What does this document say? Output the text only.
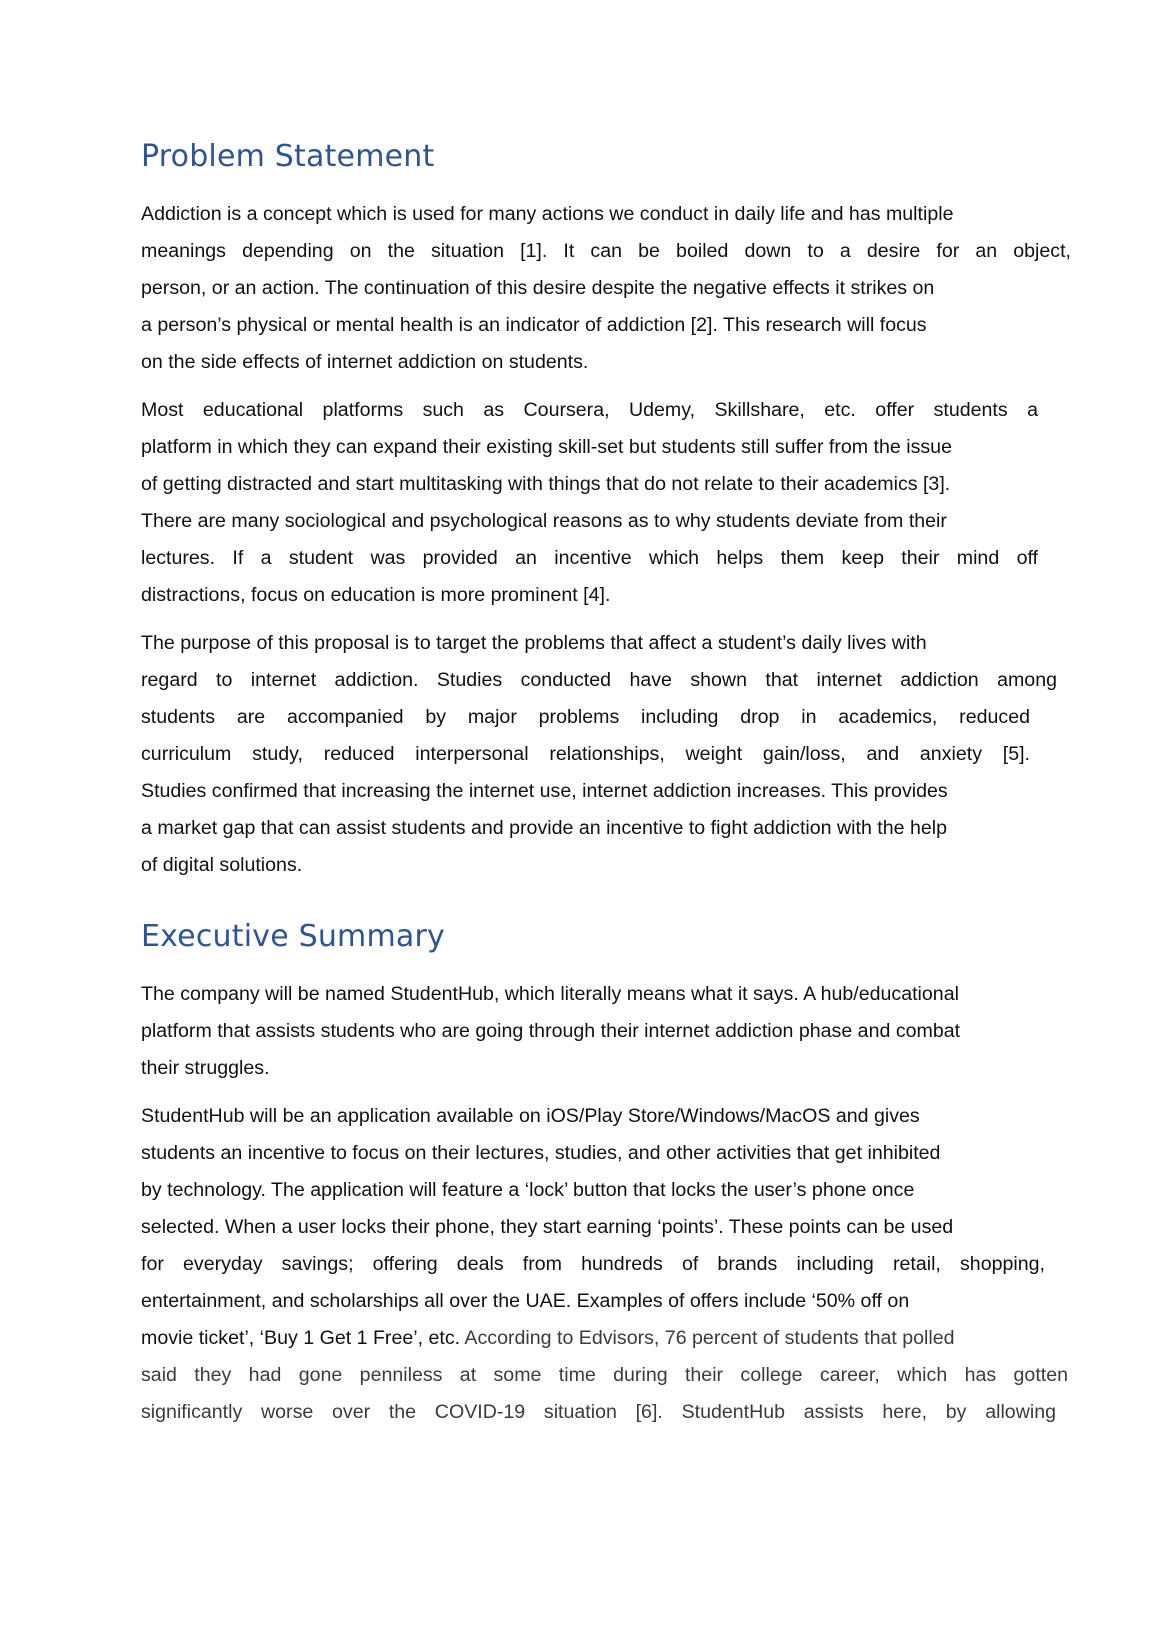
Problem Statement

Addiction is a concept which is used for many actions we conduct in daily life and has multiple
meanings depending on the situation [1]. It can be boiled down to a desire for an object,
person, or an action. The continuation of this desire despite the negative effects it strikes on
a person’s physical or mental health is an indicator of addiction [2]. This research will focus
on the side effects of internet addiction on students.

Most educational platforms such as Coursera, Udemy, Skillshare, etc. offer students a
platform in which they can expand their existing skill-set but students still suffer from the issue
of getting distracted and start multitasking with things that do not relate to their academics [3].
There are many sociological and psychological reasons as to why students deviate from their
lectures. If a student was provided an incentive which helps them keep their mind off
distractions, focus on education is more prominent [4].

The purpose of this proposal is to target the problems that affect a student’s daily lives with
regard to internet addiction. Studies conducted have shown that internet addiction among
students are accompanied by major problems including drop in academics, reduced
curriculum study, reduced interpersonal relationships, weight gain/loss, and anxiety [5].
Studies confirmed that increasing the internet use, internet addiction increases. This provides
a market gap that can assist students and provide an incentive to fight addiction with the help
of digital solutions.

Executive Summary

The company will be named StudentHub, which literally means what it says. A hub/educational
platform that assists students who are going through their internet addiction phase and combat
their struggles.

StudentHub will be an application available on iOS/Play Store/Windows/MacOS and gives
students an incentive to focus on their lectures, studies, and other activities that get inhibited
by technology. The application will feature a ‘lock’ button that locks the user’s phone once
selected. When a user locks their phone, they start earning ‘points’. These points can be used
for everyday savings; offering deals from hundreds of brands including retail, shopping,
entertainment, and scholarships all over the UAE. Examples of offers include ‘50% off on
movie ticket’, ‘Buy 1 Get 1 Free’, etc. According to Edvisors, 76 percent of students that polled
said they had gone penniless at some time during their college career, which has gotten
significantly worse over the COVID-19 situation [6]. StudentHub assists here, by allowing
